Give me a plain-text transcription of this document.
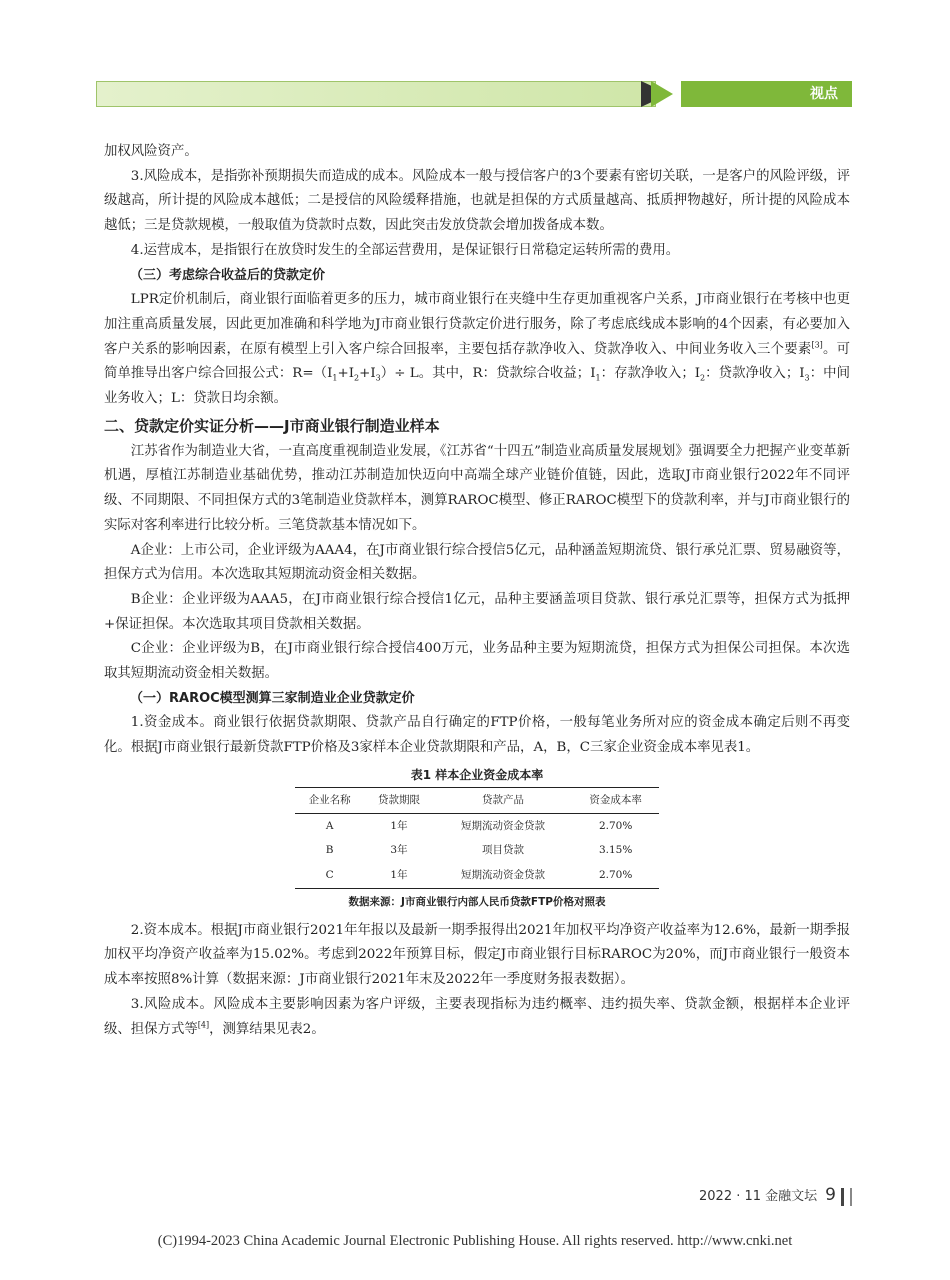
视点

加权风险资产。

3.风险成本，是指弥补预期损失而造成的成本。风险成本一般与授信客户的3个要素有密切关联，一是客户的风险评级，评级越高，所计提的风险成本越低；二是授信的风险缓释措施，也就是担保的方式质量越高、抵质押物越好，所计提的风险成本越低；三是贷款规模，一般取值为贷款时点数，因此突击发放贷款会增加拨备成本数。

4.运营成本，是指银行在放贷时发生的全部运营费用，是保证银行日常稳定运转所需的费用。

（三）考虑综合收益后的贷款定价

LPR定价机制后，商业银行面临着更多的压力，城市商业银行在夹缝中生存更加重视客户关系，J市商业银行在考核中也更加注重高质量发展，因此更加准确和科学地为J市商业银行贷款定价进行服务，除了考虑底线成本影响的4个因素，有必要加入客户关系的影响因素，在原有模型上引入客户综合回报率，主要包括存款净收入、贷款净收入、中间业务收入三个要素[3]。可简单推导出客户综合回报公式：$R=(I_1+I_2+I_3)\div L$。其中，R：贷款综合收益；$I_1$：存款净收入；$I_2$：贷款净收入；$I_3$：中间业务收入；L：贷款日均余额。

二、贷款定价实证分析——J市商业银行制造业样本

江苏省作为制造业大省，一直高度重视制造业发展，《江苏省“十四五”制造业高质量发展规划》强调要全力把握产业变革新机遇，厚植江苏制造业基础优势，推动江苏制造加快迈向中高端全球产业链价值链，因此，选取J市商业银行2022年不同评级、不同期限、不同担保方式的3笔制造业贷款样本，测算RAROC模型、修正RAROC模型下的贷款利率，并与J市商业银行的实际对客利率进行比较分析。三笔贷款基本情况如下。

A企业：上市公司，企业评级为AAA4，在J市商业银行综合授信5亿元，品种涵盖短期流贷、银行承兑汇票、贸易融资等，担保方式为信用。本次选取其短期流动资金相关数据。

B企业：企业评级为AAA5，在J市商业银行综合授信1亿元，品种主要涵盖项目贷款、银行承兑汇票等，担保方式为抵押+保证担保。本次选取其项目贷款相关数据。

C企业：企业评级为B，在J市商业银行综合授信400万元，业务品种主要为短期流贷，担保方式为担保公司担保。本次选取其短期流动资金相关数据。

（一）RAROC模型测算三家制造业企业贷款定价

1.资金成本。商业银行依据贷款期限、贷款产品自行确定的FTP价格，一般每笔业务所对应的资金成本确定后则不再变化。根据J市商业银行最新贷款FTP价格及3家样本企业贷款期限和产品，A，B，C三家企业资金成本率见表1。

表1 样本企业资金成本率
企业名称	贷款期限	贷款产品	资金成本率
A	1年	短期流动资金贷款	2.70%
B	3年	项目贷款	3.15%
C	1年	短期流动资金贷款	2.70%
数据来源：J市商业银行内部人民币贷款FTP价格对照表

2.资本成本。根据J市商业银行2021年年报以及最新一期季报得出2021年加权平均净资产收益率为12.6%，最新一期季报加权平均净资产收益率为15.02%。考虑到2022年预算目标，假定J市商业银行目标RAROC为20%，而J市商业银行一般资本成本率按照8%计算（数据来源：J市商业银行2021年末及2022年一季度财务报表数据）。

3.风险成本。风险成本主要影响因素为客户评级，主要表现指标为违约概率、违约损失率、贷款金额，根据样本企业评级、担保方式等[4]，测算结果见表2。

2022 · 11 金融文坛 9
(C)1994-2023 China Academic Journal Electronic Publishing House. All rights reserved. http://www.cnki.net
